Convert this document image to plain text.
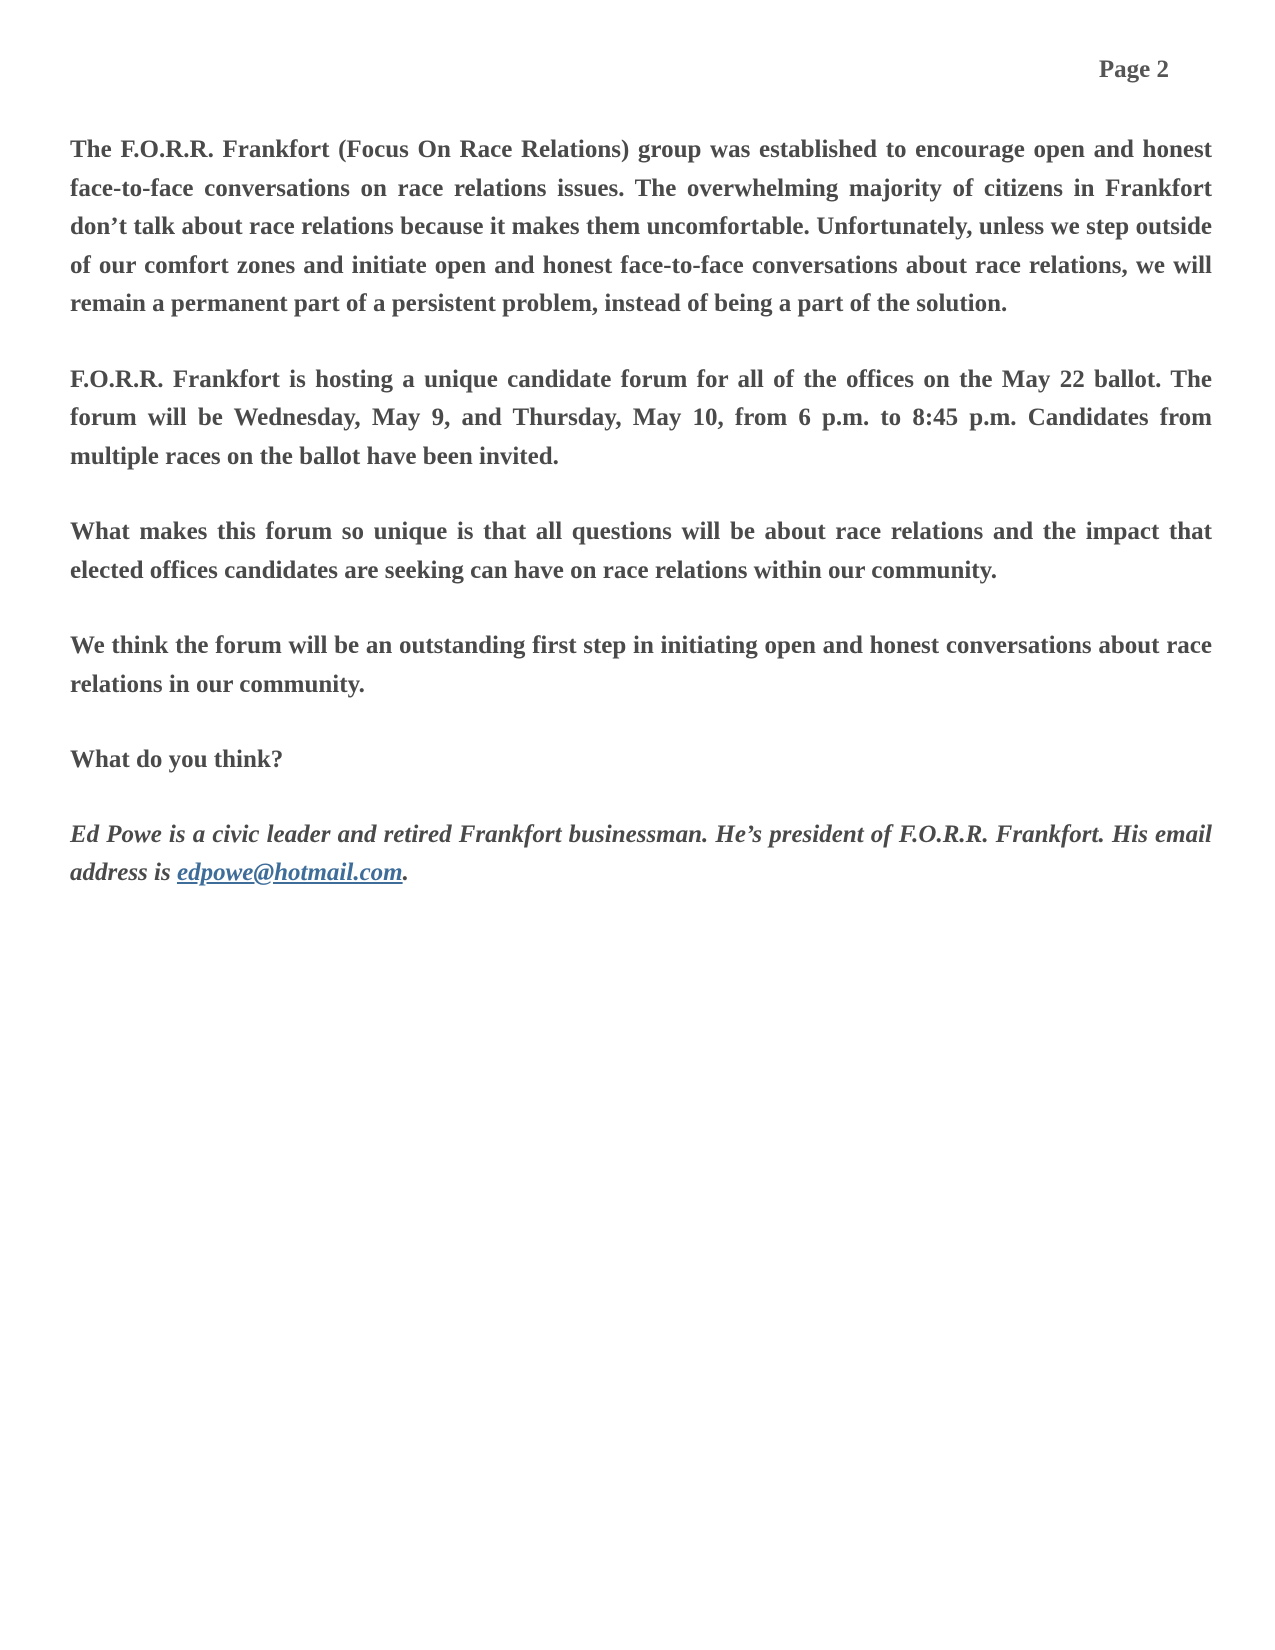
Page 2

The F.O.R.R. Frankfort (Focus On Race Relations) group was established to encourage open and honest face-to-face conversations on race relations issues. The overwhelming majority of citizens in Frankfort don’t talk about race relations because it makes them uncomfortable. Unfortunately, unless we step outside of our comfort zones and initiate open and honest face-to-face conversations about race relations, we will remain a permanent part of a persistent problem, instead of being a part of the solution.

F.O.R.R. Frankfort is hosting a unique candidate forum for all of the offices on the May 22 ballot. The forum will be Wednesday, May 9, and Thursday, May 10, from 6 p.m. to 8:45 p.m. Candidates from multiple races on the ballot have been invited.

What makes this forum so unique is that all questions will be about race relations and the impact that elected offices candidates are seeking can have on race relations within our community.

We think the forum will be an outstanding first step in initiating open and honest conversations about race relations in our community.

What do you think?

Ed Powe is a civic leader and retired Frankfort businessman. He’s president of F.O.R.R. Frankfort. His email address is edpowe@hotmail.com.
